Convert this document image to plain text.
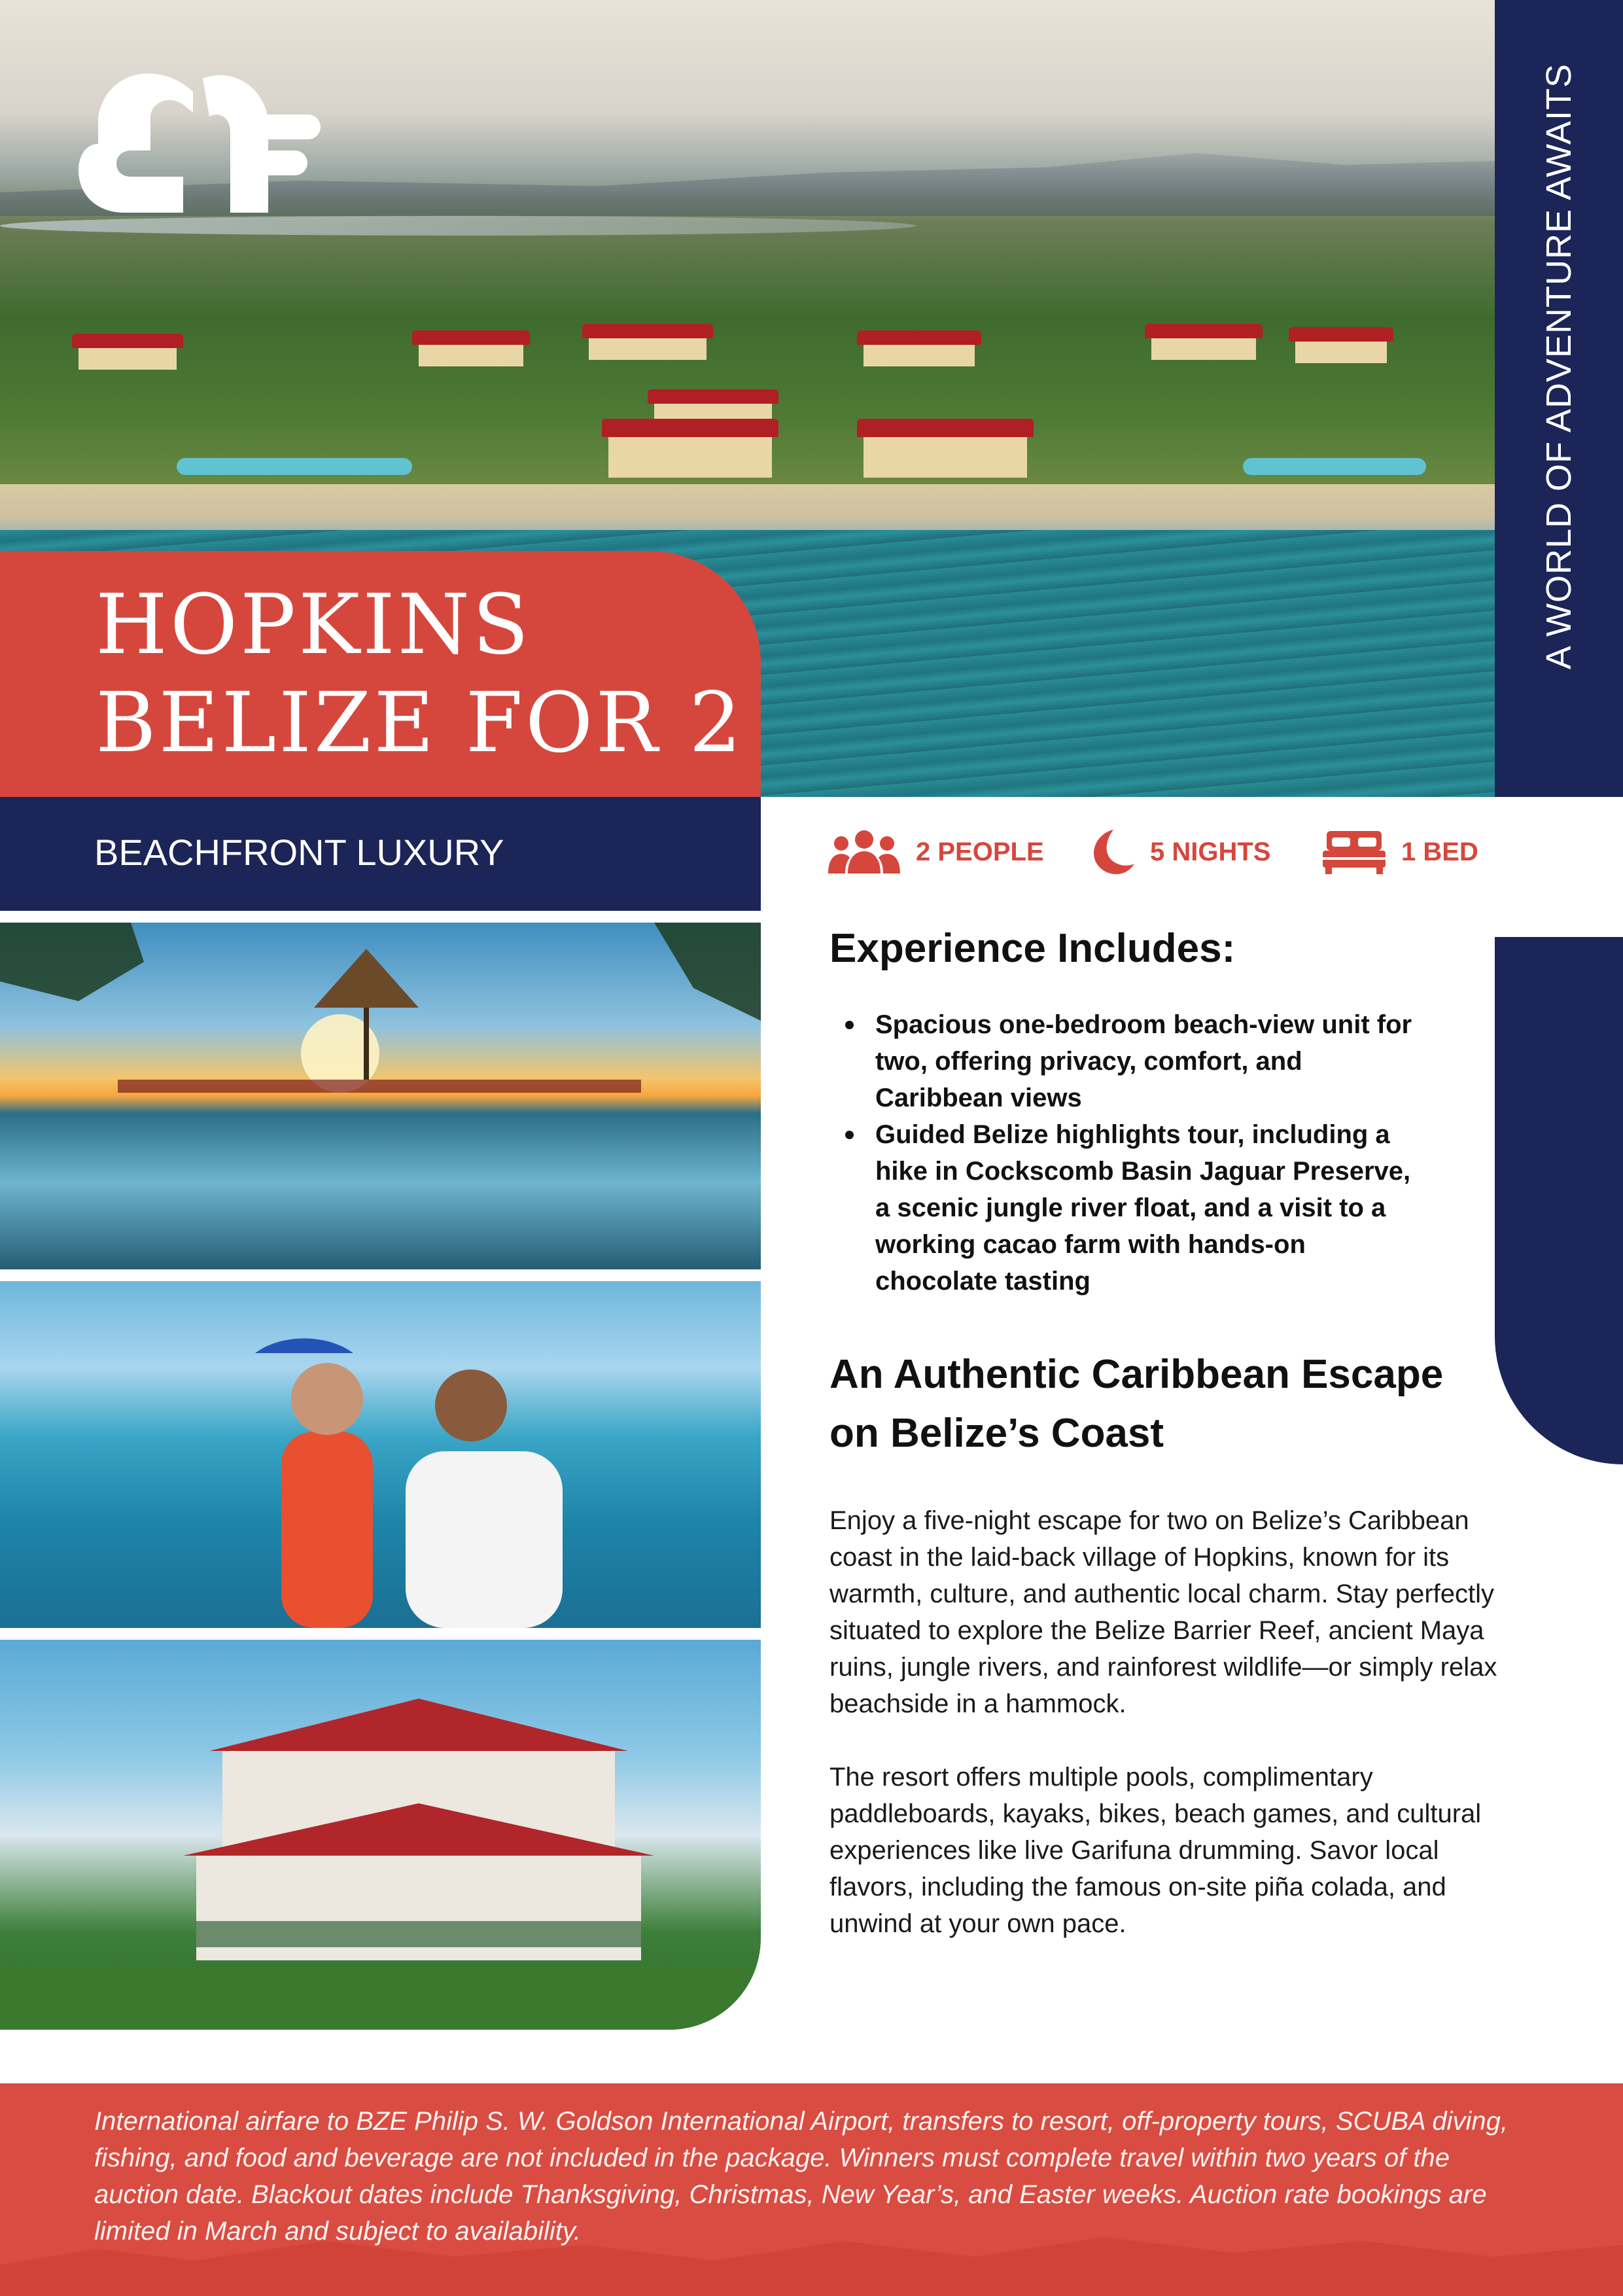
A WORLD OF ADVENTURE AWAITS
HOPKINS
BELIZE FOR 2
BEACHFRONT LUXURY	2 PEOPLE	5 NIGHTS	1 BED
Experience Includes:
Spacious one-bedroom beach-view unit for two, offering privacy, comfort, and Caribbean views
Guided Belize highlights tour, including a hike in Cockscomb Basin Jaguar Preserve, a scenic jungle river float, and a visit to a working cacao farm with hands-on chocolate tasting
An Authentic Caribbean Escape on Belize’s Coast

Enjoy a five-night escape for two on Belize’s Caribbean coast in the laid-back village of Hopkins, known for its warmth, culture, and authentic local charm. Stay perfectly situated to explore the Belize Barrier Reef, ancient Maya ruins, jungle rivers, and rainforest wildlife—or simply relax beachside in a hammock.

The resort offers multiple pools, complimentary paddleboards, kayaks, bikes, beach games, and cultural experiences like live Garifuna drumming. Savor local flavors, including the famous on-site piña colada, and unwind at your own pace.

International airfare to BZE Philip S. W. Goldson International Airport, transfers to resort, off-property tours, SCUBA diving, fishing, and food and beverage are not included in the package. Winners must complete travel within two years of the auction date. Blackout dates include Thanksgiving, Christmas, New Year’s, and Easter weeks. Auction rate bookings are limited in March and subject to availability.
